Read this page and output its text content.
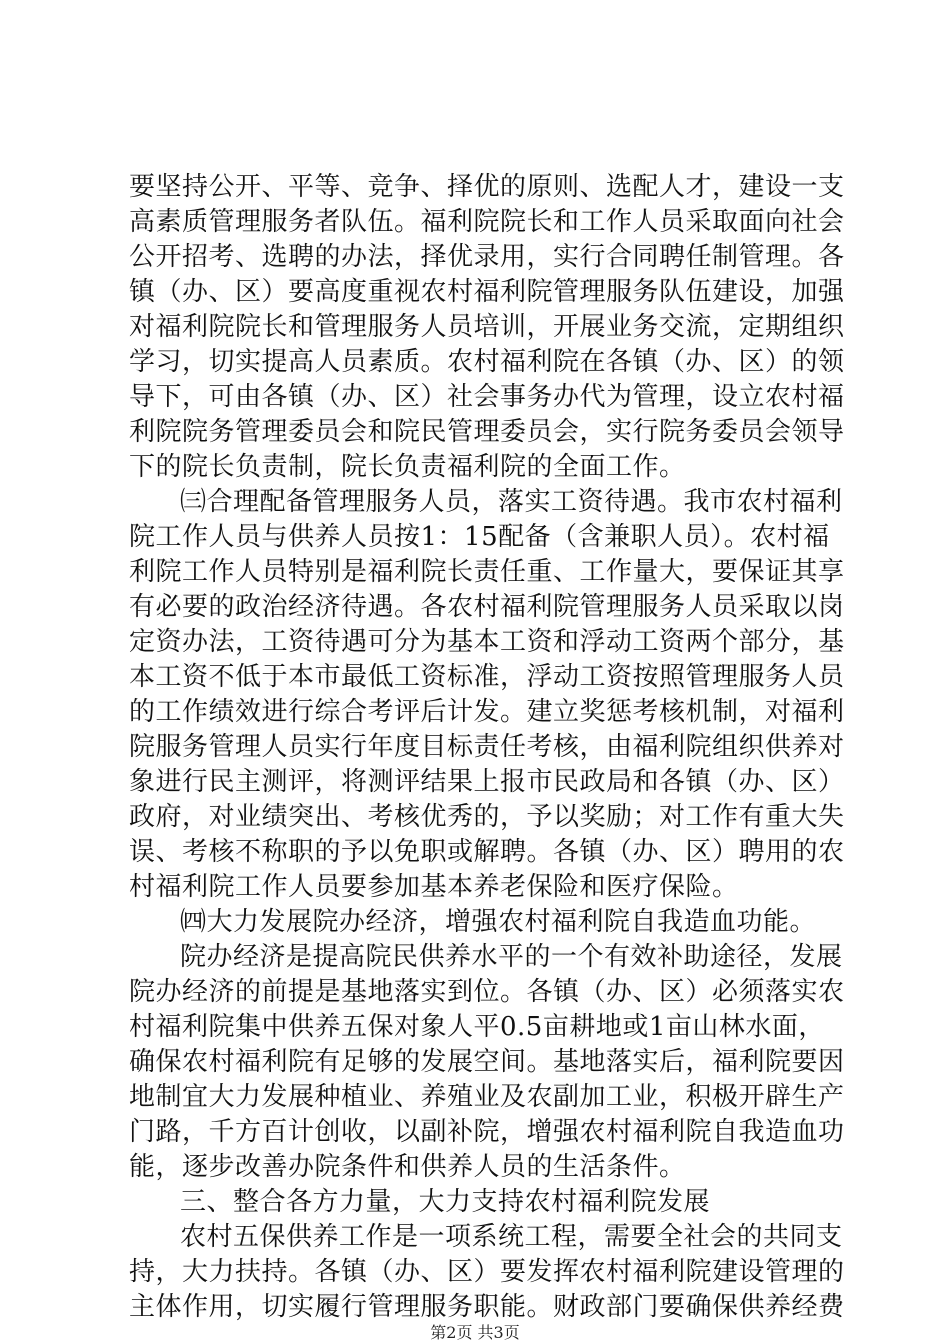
要坚持公开、平等、竞争、择优的原则、选配人才，建设一支
高素质管理服务者队伍。福利院院长和工作人员采取面向社会
公开招考、选聘的办法，择优录用，实行合同聘任制管理。各
镇（办、区）要高度重视农村福利院管理服务队伍建设，加强
对福利院院长和管理服务人员培训，开展业务交流，定期组织
学习，切实提高人员素质。农村福利院在各镇（办、区）的领
导下，可由各镇（办、区）社会事务办代为管理，设立农村福
利院院务管理委员会和院民管理委员会，实行院务委员会领导
下的院长负责制，院长负责福利院的全面工作。
㈢合理配备管理服务人员，落实工资待遇。我市农村福利
院工作人员与供养人员按1：15配备（含兼职人员）。农村福
利院工作人员特别是福利院长责任重、工作量大，要保证其享
有必要的政治经济待遇。各农村福利院管理服务人员采取以岗
定资办法，工资待遇可分为基本工资和浮动工资两个部分，基
本工资不低于本市最低工资标准，浮动工资按照管理服务人员
的工作绩效进行综合考评后计发。建立奖惩考核机制，对福利
院服务管理人员实行年度目标责任考核，由福利院组织供养对
象进行民主测评，将测评结果上报市民政局和各镇（办、区）
政府，对业绩突出、考核优秀的，予以奖励；对工作有重大失
误、考核不称职的予以免职或解聘。各镇（办、区）聘用的农
村福利院工作人员要参加基本养老保险和医疗保险。
㈣大力发展院办经济，增强农村福利院自我造血功能。
院办经济是提高院民供养水平的一个有效补助途径，发展
院办经济的前提是基地落实到位。各镇（办、区）必须落实农
村福利院集中供养五保对象人平0.5亩耕地或1亩山林水面，
确保农村福利院有足够的发展空间。基地落实后，福利院要因
地制宜大力发展种植业、养殖业及农副加工业，积极开辟生产
门路，千方百计创收，以副补院，增强农村福利院自我造血功
能，逐步改善办院条件和供养人员的生活条件。
三、整合各方力量，大力支持农村福利院发展
农村五保供养工作是一项系统工程，需要全社会的共同支
持，大力扶持。各镇（办、区）要发挥农村福利院建设管理的
主体作用，切实履行管理服务职能。财政部门要确保供养经费
第2页 共3页
